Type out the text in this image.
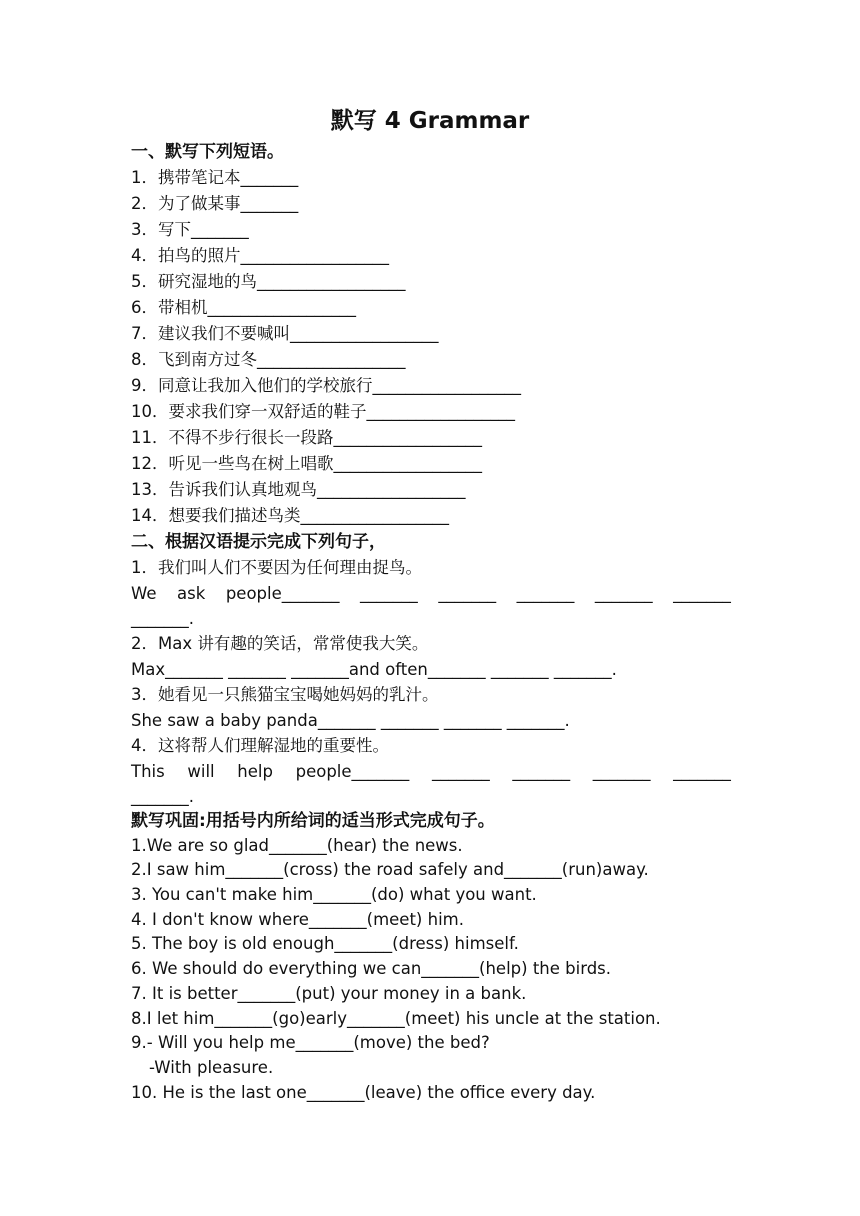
默写 4 Grammar
一、默写下列短语。
1．携带笔记本_______
2．为了做某事_______
3．写下_______
4．拍鸟的照片__________________
5．研究湿地的鸟__________________
6．带相机__________________
7．建议我们不要喊叫__________________
8．飞到南方过冬__________________
9．同意让我加入他们的学校旅行__________________
10．要求我们穿一双舒适的鞋子__________________
11．不得不步行很长一段路__________________
12．听见一些鸟在树上唱歌__________________
13．告诉我们认真地观鸟__________________
14．想要我们描述鸟类__________________
二、根据汉语提示完成下列句子，
1．我们叫人们不要因为任何理由捉鸟。
We ask people_______ _______ _______ _______ _______ _______
_______.
2．Max 讲有趣的笑话，常常使我大笑。
Max_______ _______ _______and often_______ _______ _______.
3．她看见一只熊猫宝宝喝她妈妈的乳汁。
She saw a baby panda_______ _______ _______ _______.
4．这将帮人们理解湿地的重要性。
This will help people_______ _______ _______ _______ _______
_______.
默写巩固:用括号内所给词的适当形式完成句子。
1.We are so glad_______(hear) the news.
2.I saw him_______(cross) the road safely and_______(run)away.
3. You can't make him_______(do) what you want.
4. I don't know where_______(meet) him.
5. The boy is old enough_______(dress) himself.
6. We should do everything we can_______(help) the birds.
7. It is better_______(put) your money in a bank.
8.I let him_______(go)early_______(meet) his uncle at the station.
9.- Will you help me_______(move) the bed?
-With pleasure.
10. He is the last one_______(leave) the office every day.
